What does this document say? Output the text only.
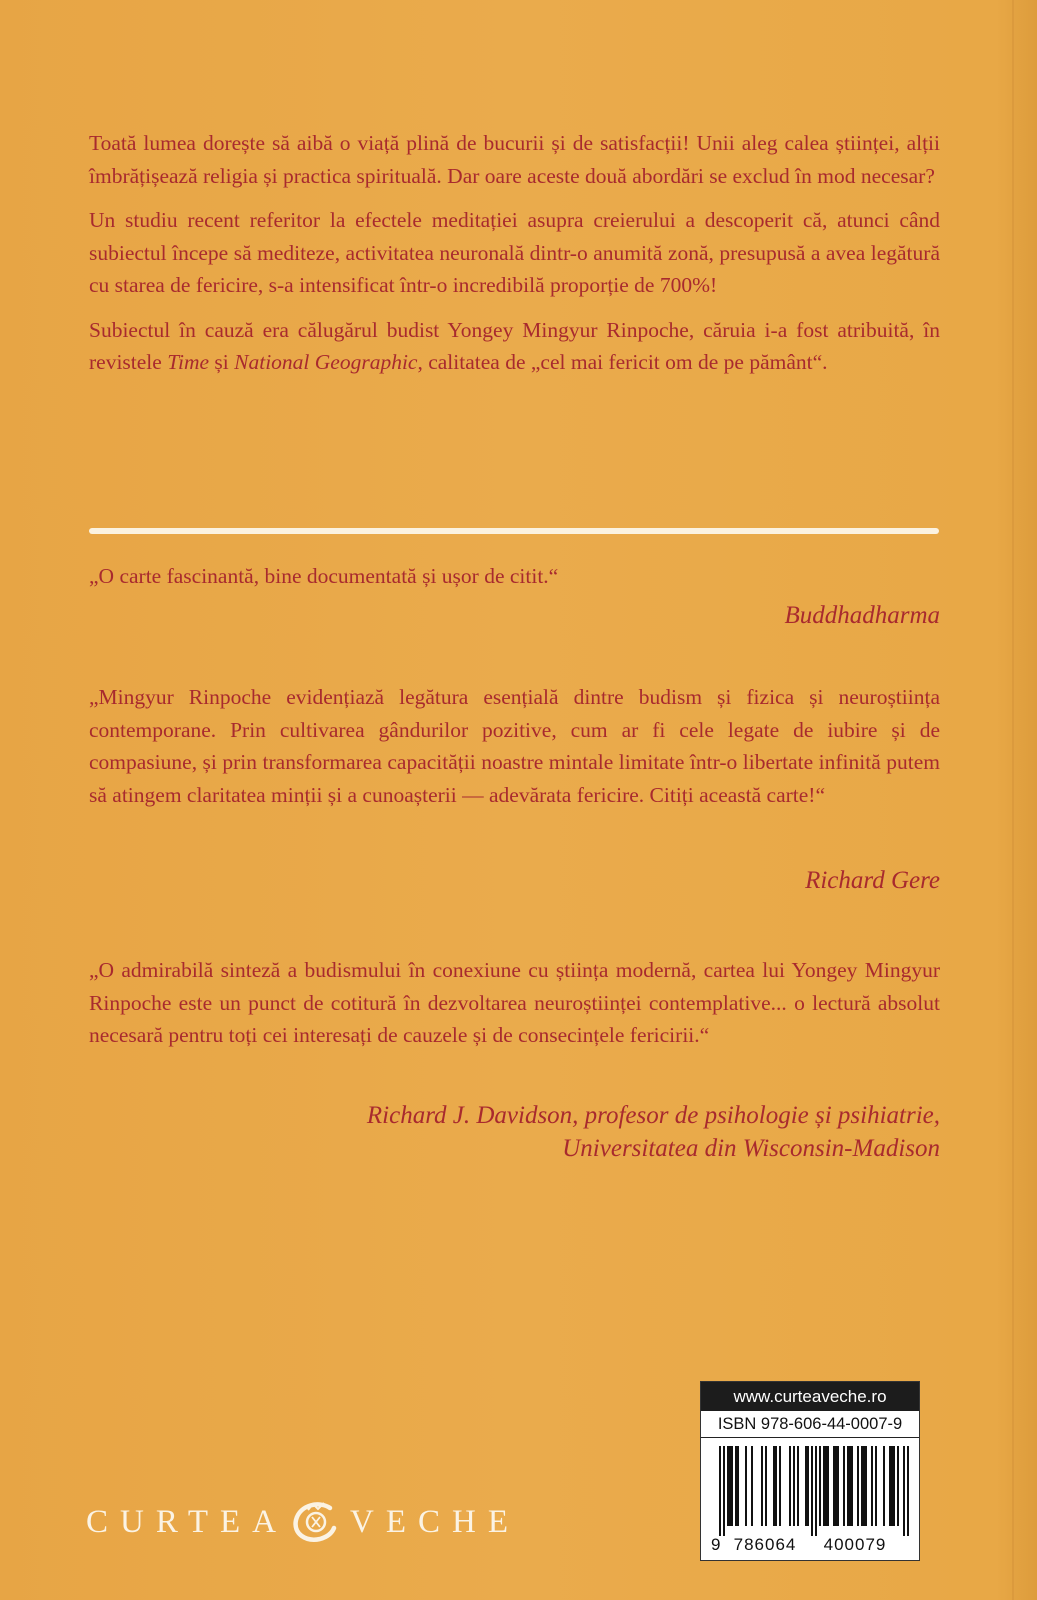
Toată lumea dorește să aibă o viață plină de bucurii și de satisfacții! Unii aleg calea științei, alții îmbrățișează religia și practica spirituală. Dar oare aceste două abordări se exclud în mod necesar?

Un studiu recent referitor la efectele meditației asupra creierului a descoperit că, atunci când subiectul începe să mediteze, activitatea neuronală dintr-o anumită zonă, presupusă a avea legătură cu starea de fericire, s-a intensificat într-o incredibilă proporție de 700%!

Subiectul în cauză era călugărul budist Yongey Mingyur Rinpoche, căruia i-a fost atribuită, în revistele Time și National Geographic, calitatea de „cel mai fericit om de pe pământ“.

„O carte fascinantă, bine documentată și ușor de citit.“
Buddhadharma
„Mingyur Rinpoche evidențiază legătura esențială dintre budism și fizica și neuroștiința contemporane. Prin cultivarea gândurilor pozitive, cum ar fi cele legate de iubire și de compasiune, și prin transformarea capacității noastre mintale limitate într-o libertate infinită putem să atingem claritatea minții și a cunoașterii — adevărata fericire. Citiți această carte!“
Richard Gere
„O admirabilă sinteză a budismului în conexiune cu știința modernă, cartea lui Yongey Mingyur Rinpoche este un punct de cotitură în dezvoltarea neuroștiinței contemplative... o lectură absolut necesară pentru toți cei interesați de cauzele și de consecințele fericirii.“
Richard J. Davidson, profesor de psihologie și psihiatrie,
Universitatea din Wisconsin-Madison
CURTEA VECHE
www.curteaveche.ro
ISBN 978-606-44-0007-9
9 786064 400079
